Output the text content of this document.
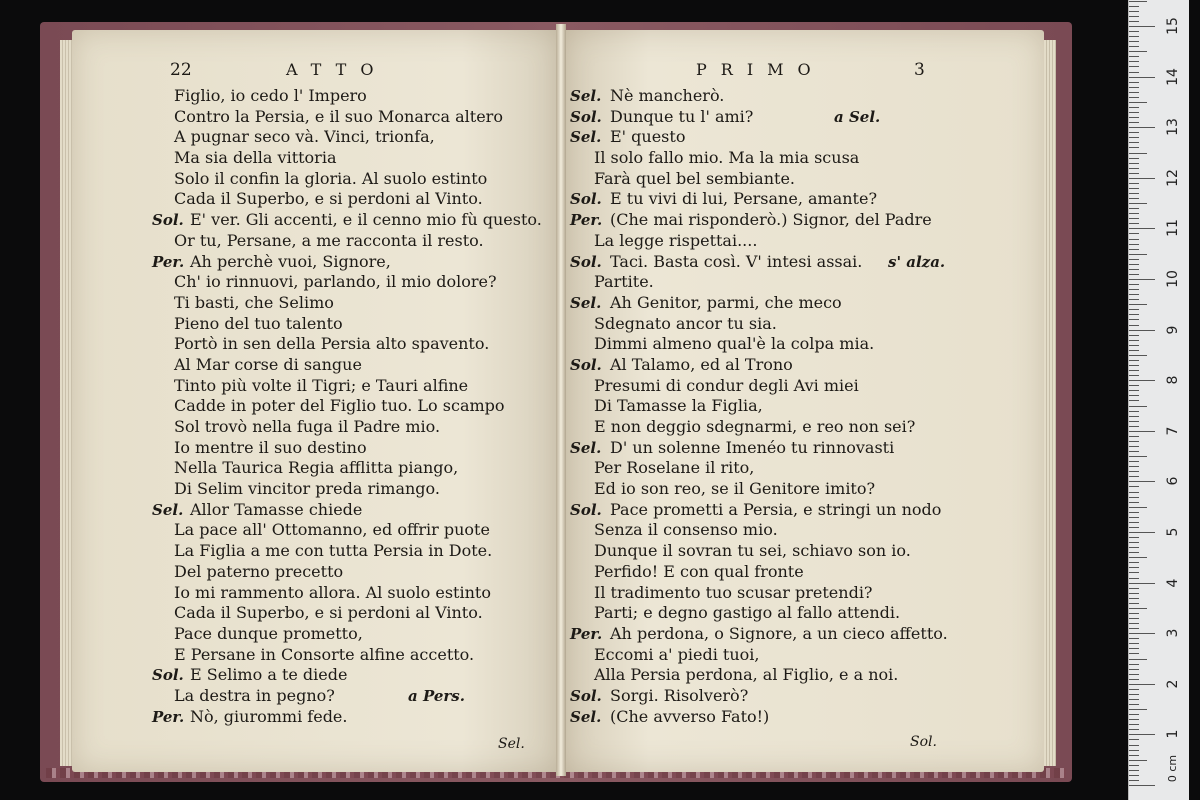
22	ATTO	PRIMO	3
Figlio, io cedo l' Impero
Contro la Persia, e il suo Monarca altero
A pugnar seco và. Vinci, trionfa,
Ma sia della vittoria
Solo il confin la gloria. Al suolo estinto
Cada il Superbo, e si perdoni al Vinto.
Sol. E' ver. Gli accenti, e il cenno mio fù questo.
Or tu, Persane, a me racconta il resto.
Per. Ah perchè vuoi, Signore,
Ch' io rinnuovi, parlando, il mio dolore?
Ti basti, che Selimo
Pieno del tuo talento
Portò in sen della Persia alto spavento.
Al Mar corse di sangue
Tinto più volte il Tigri; e Tauri alfine
Cadde in poter del Figlio tuo. Lo scampo
Sol trovò nella fuga il Padre mio.
Io mentre il suo destino
Nella Taurica Regia afflitta piango,
Di Selim vincitor preda rimango.
Sel. Allor Tamasse chiede
La pace all' Ottomanno, ed offrir puote
La Figlia a me con tutta Persia in Dote.
Del paterno precetto
Io mi rammento allora. Al suolo estinto
Cada il Superbo, e si perdoni al Vinto.
Pace dunque prometto,
E Persane in Consorte alfine accetto.
Sol. E Selimo a te diede
La destra in pegno?	a Pers.
Per. Nò, giurommi fede.
Sel. Nè mancherò.
Sol. Dunque tu l' ami?	a Sel.
Sel. E' questo
Il solo fallo mio. Ma la mia scusa
Farà quel bel sembiante.
Sol. E tu vivi di lui, Persane, amante?
Per. (Che mai risponderò.) Signor, del Padre
La legge rispettai....
Sol. Taci. Basta così. V' intesi assai. s' alza.
Partite.
Sel. Ah Genitor, parmi, che meco
Sdegnato ancor tu sia.
Dimmi almeno qual'è la colpa mia.
Sol. Al Talamo, ed al Trono
Presumi di condur degli Avi miei
Di Tamasse la Figlia,
E non deggio sdegnarmi, e reo non sei?
Sel. D' un solenne Imenéo tu rinnovasti
Per Roselane il rito,
Ed io son reo, se il Genitore imito?
Sol. Pace prometti a Persia, e stringi un nodo
Senza il consenso mio.
Dunque il sovran tu sei, schiavo son io.
Perfido! E con qual fronte
Il tradimento tuo scusar pretendi?
Parti; e degno gastigo al fallo attendi.
Per. Ah perdona, o Signore, a un cieco affetto.
Eccomi a' piedi tuoi,
Alla Persia perdona, al Figlio, e a noi.
Sol. Sorgi. Risolverò?
Sel. (Che avverso Fato!)
Sel.	Sol.
0 cm
1
2
3
4
5
6
7
8
9
10
11
12
13
14
15
